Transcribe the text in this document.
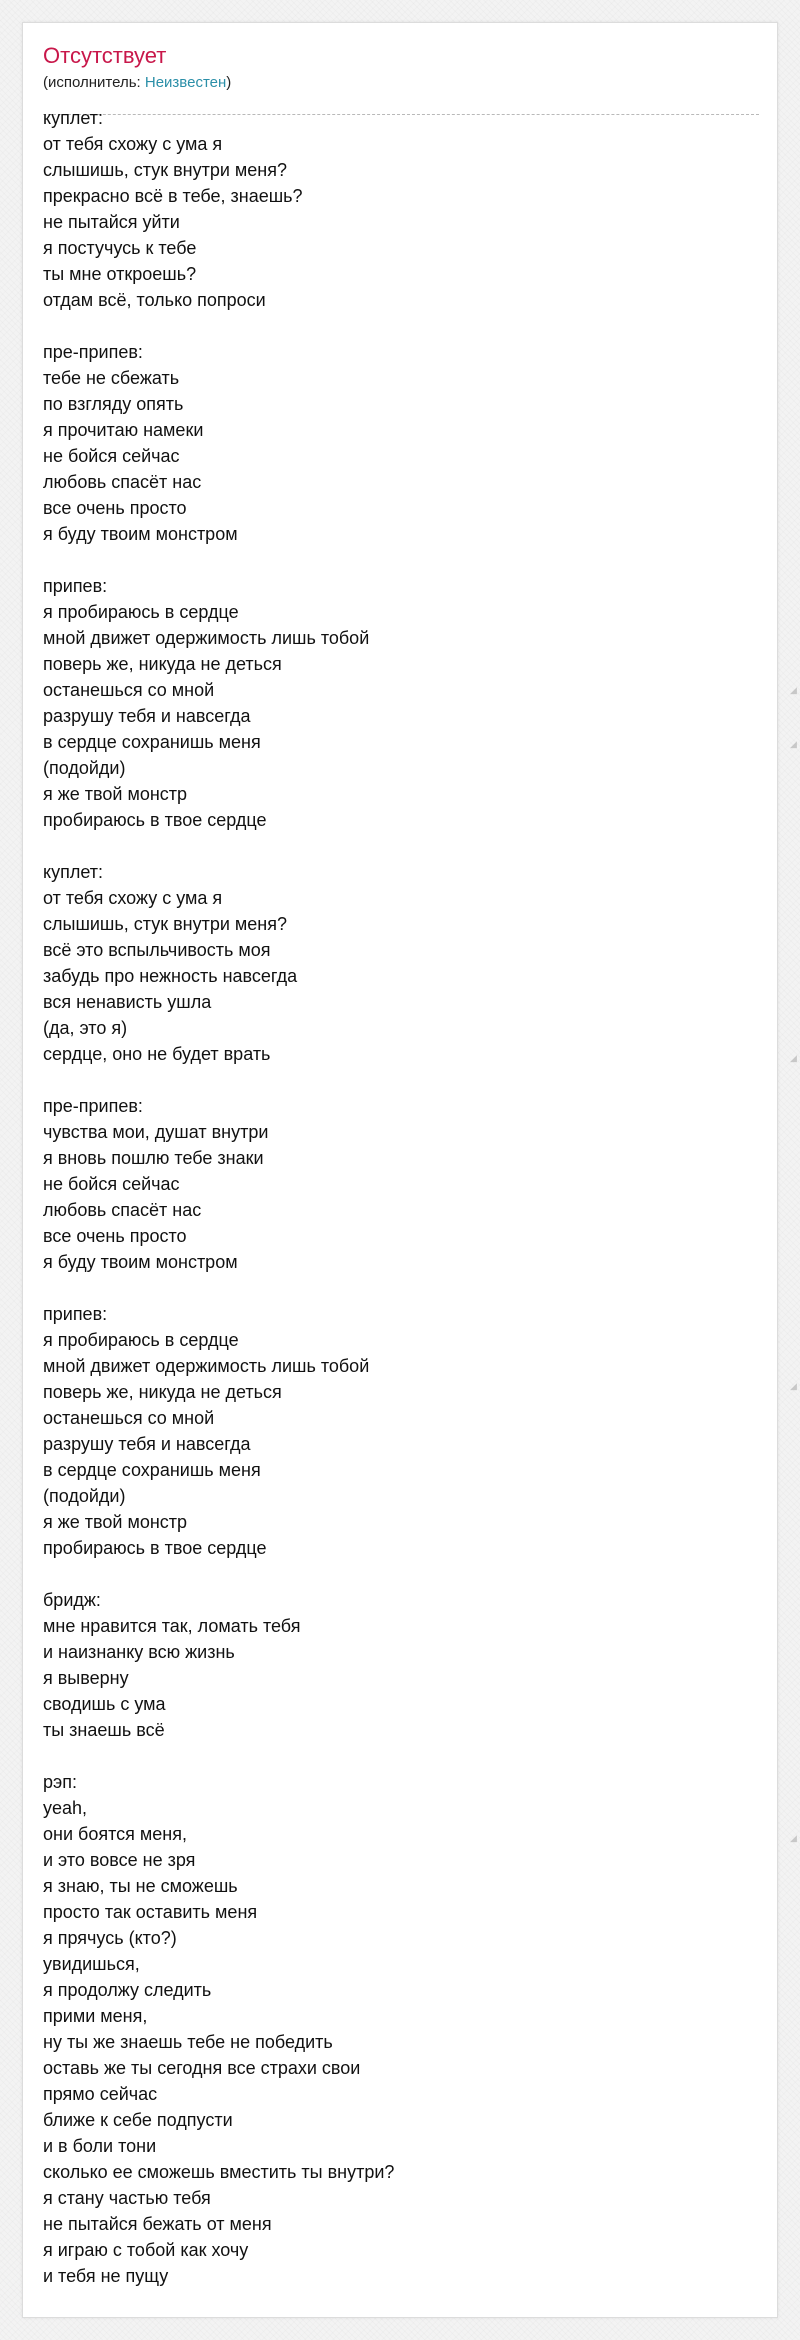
Отсутствует
(исполнитель: Неизвестен)
куплет:
от тебя схожу с ума я
слышишь, стук внутри меня?
прекрасно всё в тебе, знаешь?
не пытайся уйти
я постучусь к тебе
ты мне откроешь?
отдам всё, только попроси

пре-припев:
тебе не сбежать
по взгляду опять
я прочитаю намеки
не бойся сейчас
любовь спасёт нас
все очень просто
я буду твоим монстром

припев:
я пробираюсь в сердце
мной движет одержимость лишь тобой
поверь же, никуда не деться
останешься со мной
разрушу тебя и навсегда
в сердце сохранишь меня
(подойди)
я же твой монстр
пробираюсь в твое сердце

куплет:
от тебя схожу с ума я
слышишь, стук внутри меня?
всё это вспыльчивость моя
забудь про нежность навсегда
вся ненависть ушла
(да, это я)
сердце, оно не будет врать

пре-припев:
чувства мои, душат внутри
я вновь пошлю тебе знаки
не бойся сейчас
любовь спасёт нас
все очень просто
я буду твоим монстром

припев:
я пробираюсь в сердце
мной движет одержимость лишь тобой
поверь же, никуда не деться
останешься со мной
разрушу тебя и навсегда
в сердце сохранишь меня
(подойди)
я же твой монстр
пробираюсь в твое сердце

бридж:
мне нравится так, ломать тебя
и наизнанку всю жизнь
я выверну
сводишь с ума
ты знаешь всё

рэп:
yeah,
они боятся меня,
и это вовсе не зря
я знаю, ты не сможешь
просто так оставить меня
я прячусь (кто?)
увидишься,
я продолжу следить
прими меня,
ну ты же знаешь тебе не победить
оставь же ты сегодня все страхи свои
прямо сейчас
ближе к себе подпусти
и в боли тони
сколько ее сможешь вместить ты внутри?
я стану частью тебя
не пытайся бежать от меня
я играю с тобой как хочу
и тебя не пущу
◢
◢
◢
◢
◢
